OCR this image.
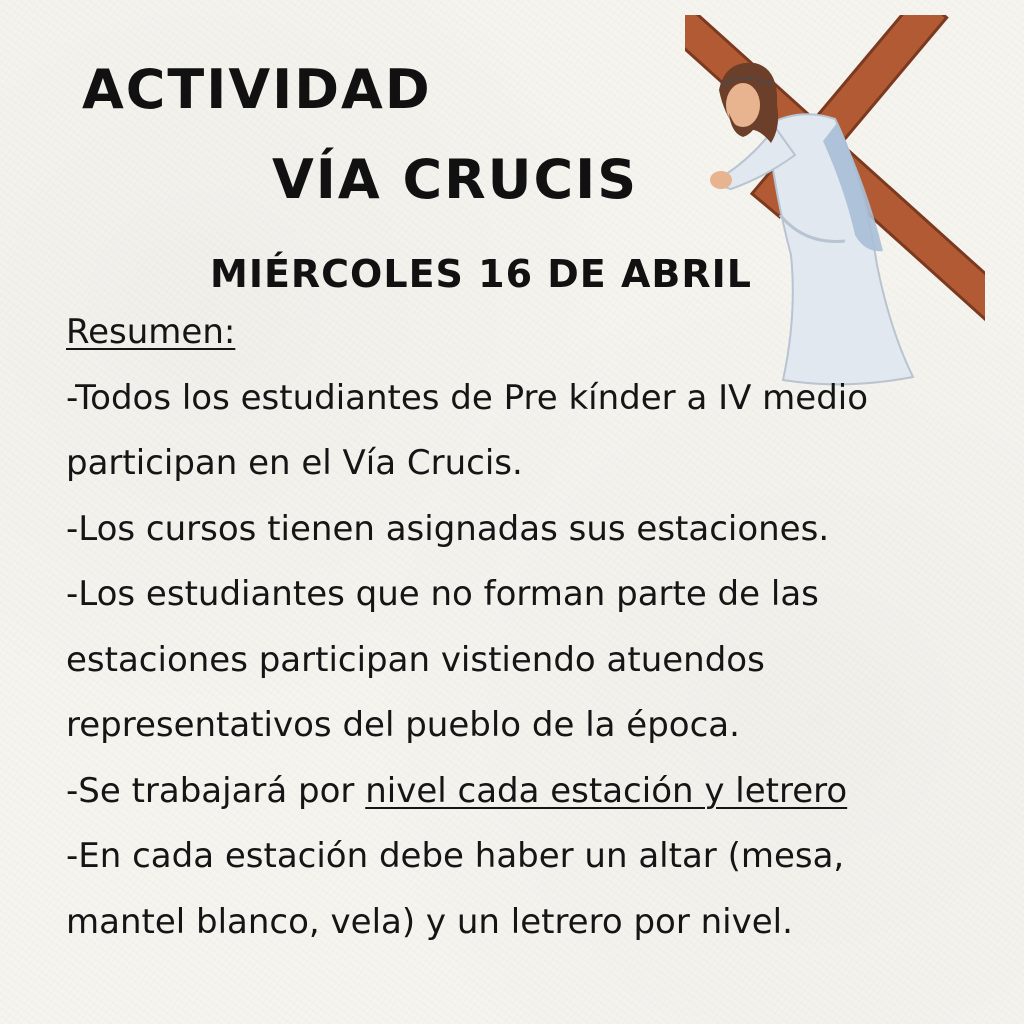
ACTIVIDAD
VÍA CRUCIS
MIÉRCOLES 16 DE ABRIL

Resumen:

-Todos los estudiantes de Pre kínder a IV medio

participan en el Vía Crucis.

-Los cursos tienen asignadas sus estaciones.

-Los estudiantes que no forman parte de las

estaciones participan vistiendo atuendos

representativos del pueblo de la época.

-Se trabajará por nivel cada estación y letrero

-En cada estación debe haber un altar (mesa,

mantel blanco, vela) y un letrero por nivel.
